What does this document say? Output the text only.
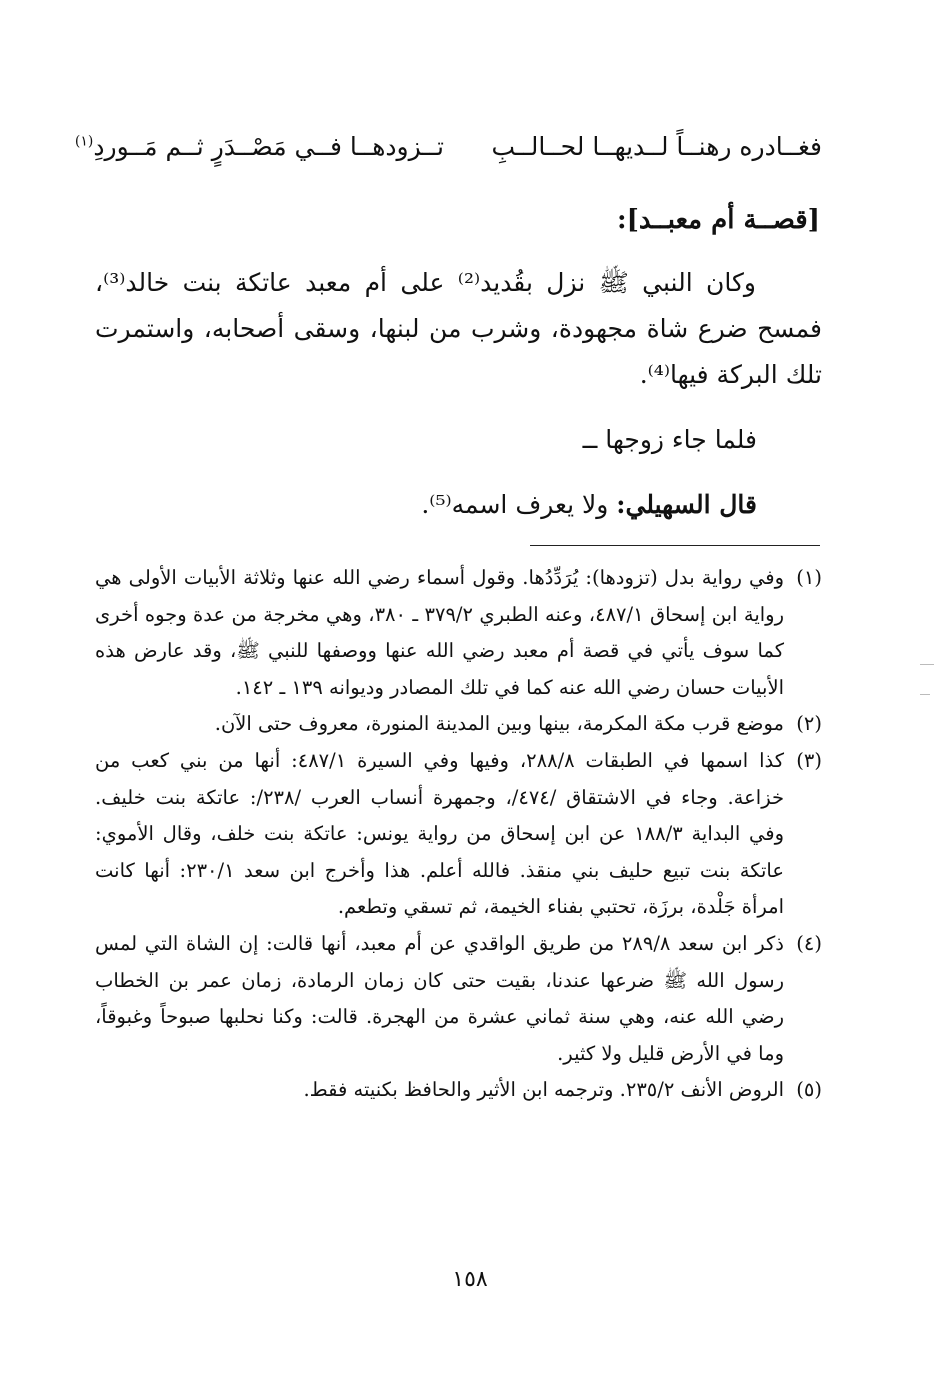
فغــادره رهنــاً لــديهــا لحــالــبِ
تــزودهــا فــي مَصْــدَرٍ ثــم مَــوردِ$^{(١)}$
[قصــة أم معبــد]:

وكان النبي ﷺ نزل بقُديد⁽²⁾ على أم معبد عاتكة بنت خالد⁽³⁾، فمسح ضرع شاة مجهودة، وشرب من لبنها، وسقى أصحابه، واستمرت تلك البركة فيها⁽⁴⁾.

فلما جاء زوجها ــ
قال السهيلي: ولا يعرف اسمه⁽⁵⁾.
(١)
وفي رواية بدل (تزودها): يُرَدِّدُها. وقول أسماء رضي الله عنها وثلاثة الأبيات الأولى هي رواية ابن إسحاق ٤٨٧/١، وعنه الطبري ٣٧٩/٢ ـ ٣٨٠، وهي مخرجة من عدة وجوه أخرى كما سوف يأتي في قصة أم معبد رضي الله عنها ووصفها للنبي ﷺ، وقد عارض هذه الأبيات حسان رضي الله عنه كما في تلك المصادر وديوانه ١٣٩ ـ ١٤٢.
(٢)
موضع قرب مكة المكرمة، بينها وبين المدينة المنورة، معروف حتى الآن.
(٣)
كذا اسمها في الطبقات ٢٨٨/٨، وفيها وفي السيرة ٤٨٧/١: أنها من بني كعب من خزاعة. وجاء في الاشتقاق /٤٧٤/، وجمهرة أنساب العرب /٢٣٨/: عاتكة بنت خليف. وفي البداية ١٨٨/٣ عن ابن إسحاق من رواية يونس: عاتكة بنت خلف، وقال الأموي: عاتكة بنت تبيع حليف بني منقذ. فالله أعلم. هذا وأخرج ابن سعد ٢٣٠/١: أنها كانت امرأة جَلْدة، برزَة، تحتبي بفناء الخيمة، ثم تسقي وتطعم.
(٤)
ذكر ابن سعد ٢٨٩/٨ من طريق الواقدي عن أم معبد، أنها قالت: إن الشاة التي لمس رسول الله ﷺ ضرعها عندنا، بقيت حتى كان زمان الرمادة، زمان عمر بن الخطاب رضي الله عنه، وهي سنة ثماني عشرة من الهجرة. قالت: وكنا نحلبها صبوحاً وغبوقاً، وما في الأرض قليل ولا كثير.
(٥)
الروض الأنف ٢٣٥/٢. وترجمه ابن الأثير والحافظ بكنيته فقط.
١٥٨
